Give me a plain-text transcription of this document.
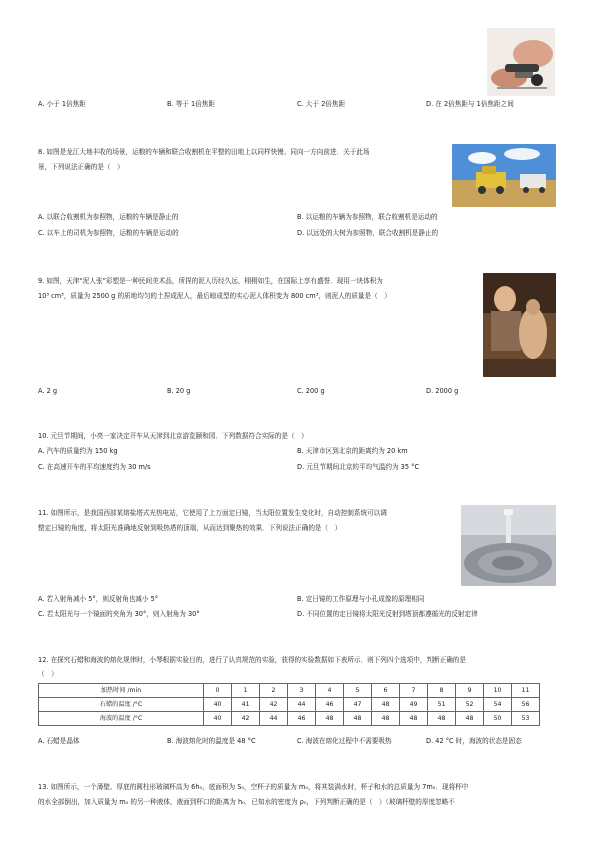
A. 小于 1倍焦距	B. 等于 1倍焦距	C. 大于 2倍焦距	D. 在 2倍焦距与 1倍焦距之间
8. 如图是龙江大地丰收的场景，运粮的车辆和联合收割机在平整的田地上以同样快慢、同向一方向前进．关于此场
景，下列说法正确的是（　）
A. 以联合收割机为参照物，运粮的车辆是静止的	B. 以运粮的车辆为参照物，联合收割机是运动的
C. 以车上的司机为参照物，运粮的车辆是运动的	D. 以远处的大树为参照物，联合收割机是静止的
9. 如图，天津“泥人张”彩塑是一种民间美术品，所捏的泥人历经久远，栩栩如生，在国际上享有盛誉．现用一块体积为
10³ cm³，质量为 2500 g 的质地均匀的土捏成泥人，最后晾成型的实心泥人体积变为 800 cm³，则泥人的质量是（　）
A. 2 g	B. 20 g	C. 200 g	D. 2000 g
10. 元旦节期间，小亮一家决定开车从天津到北京游览颐和园．下列数据符合实际的是（　）
A. 汽车的质量约为 150 kg	B. 天津市区到北京的距离约为 20 km
C. 在高速开车的平均速度约为 30 m/s	D. 元旦节期间北京的平均气温约为 35 °C
11. 如图所示，是我国西部某熔盐塔式光热电站，它使用了上万面定日镜，当太阳位置发生变化时，自动控制系统可以调
整定日镜的角度，将太阳光准确地反射到吸热塔的顶端，从而达到聚热的效果．下列说法正确的是（　）
A. 若入射角减小 5°，则反射角也减小 5°	B. 定日镜的工作原理与小孔成像的原理相同
C. 若太阳光与一个镜面的夹角为 30°，则入射角为 30°	D. 不同位置的定日镜将太阳光反射到塔顶都遵循光的反射定律
12. 在探究石蜡和海波的熔化规律时，小琴根据实验目的，进行了认真规范的实验，获得的实验数据如下表所示．则下列四个选项中，判断正确的是
（　）
加热时间 /min	0	1	2	3	4	5	6	7	8	9	10	11
石蜡的温度 /°C	40	41	42	44	46	47	48	49	51	52	54	56
海波的温度 /°C	40	42	44	46	48	48	48	48	48	48	50	53
A. 石蜡是晶体	B. 海波熔化时的温度是 48 °C	C. 海波在熔化过程中不需要吸热	D. 42 °C 时，海波的状态是固态
13. 如图所示，一个薄壁、厚底的圆柱形玻璃杯高为 6h₀，底面积为 S₀，空杯子的质量为 m₀，将其装满水时，杯子和水的总质量为 7m₀．现将杯中
的水全部倒出，加入质量为 m₀ 的另一种液体，液面到杯口的距离为 h₀．已知水的密度为 ρ₀，下列判断正确的是（　）（玻璃杯壁的厚度忽略不
